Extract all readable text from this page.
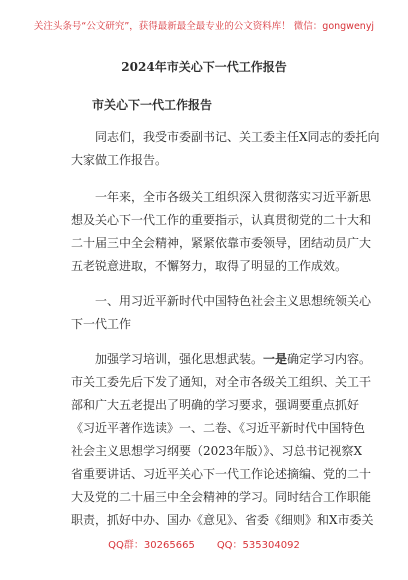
关注头条号“公文研究”，获得最新最全最专业的公文资料库！ 微信：gongwenyj
2024年市关心下一代工作报告
市关心下一代工作报告

同志们，我受市委副书记、关工委主任X同志的委托向
大家做工作报告。

一年来，全市各级关工组织深入贯彻落实习近平新思
想及关心下一代工作的重要指示，认真贯彻党的二十大和
二十届三中全会精神，紧紧依靠市委领导，团结动员广大
五老锐意进取，不懈努力，取得了明显的工作成效。

一、用习近平新时代中国特色社会主义思想统领关心
下一代工作

加强学习培训，强化思想武装。一是确定学习内容。
市关工委先后下发了通知，对全市各级关工组织、关工干
部和广大五老提出了明确的学习要求，强调要重点抓好
《习近平著作选读》一、二卷、《习近平新时代中国特色
社会主义思想学习纲要（2023年版）》、习总书记视察X
省重要讲话、习近平关心下一代工作论述摘编、党的二十
大及党的二十届三中全会精神的学习。同时结合工作职能
职责，抓好中办、国办《意见》、省委《细则》和X市委关

QQ群：30265665 QQ：535304092
